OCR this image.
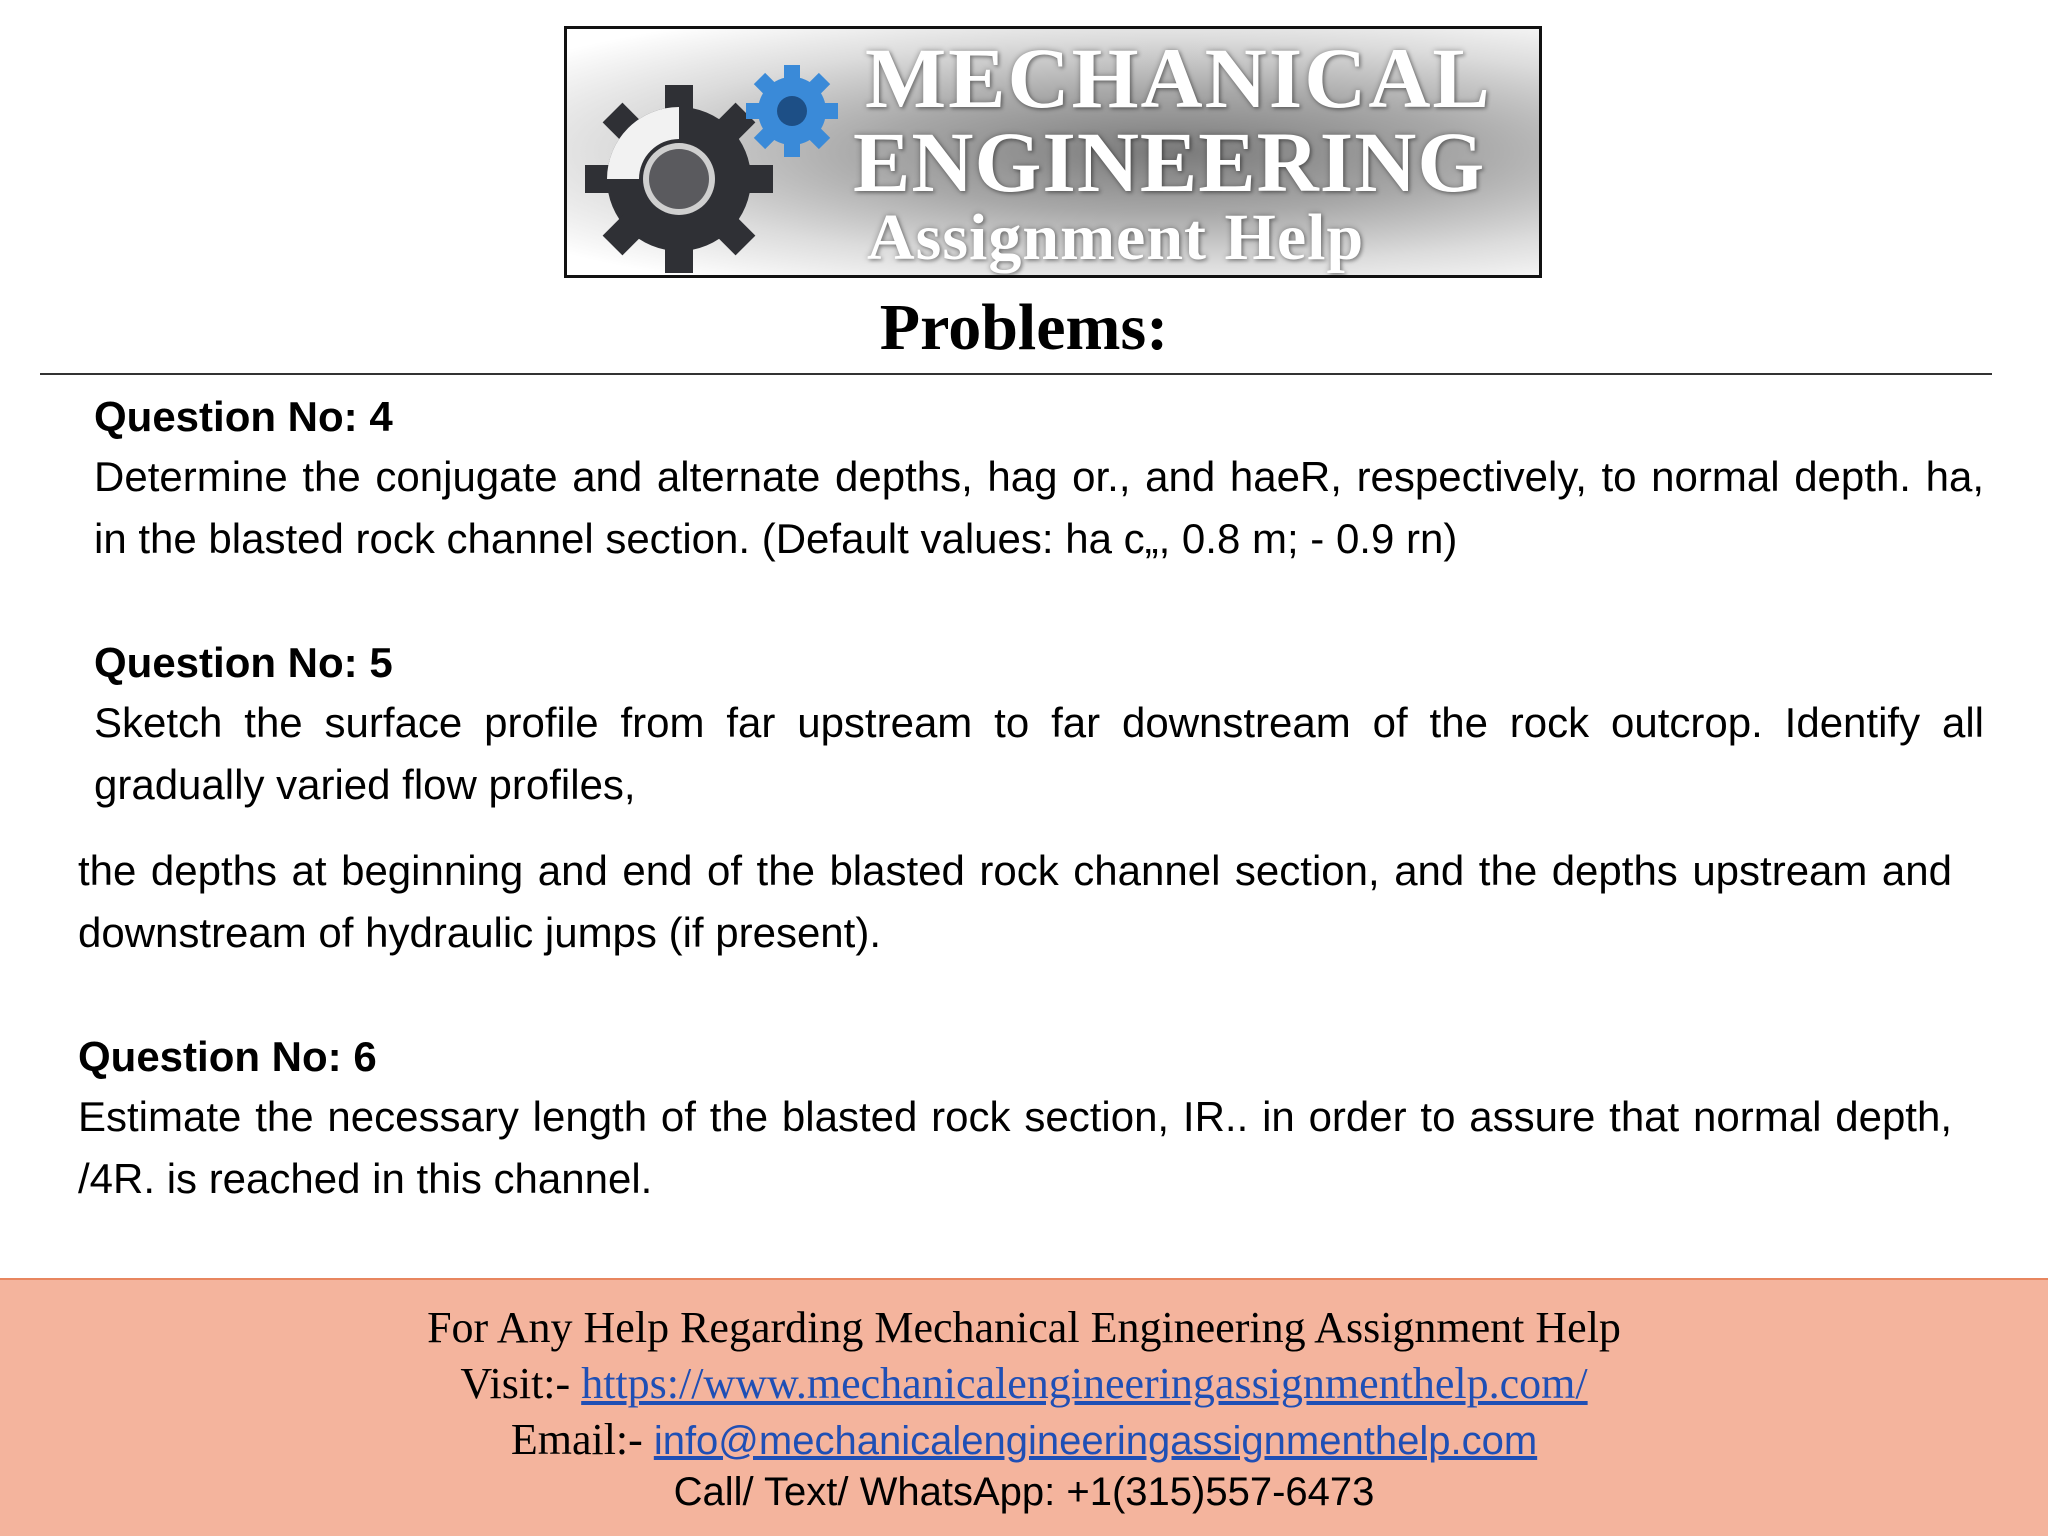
MECHANICAL
ENGINEERING
Assignment Help
Problems:

Question No: 4

Determine the conjugate and alternate depths, hag or., and haeR, respectively, to normal depth. ha, in the blasted rock channel section. (Default values: ha c„, 0.8 m; - 0.9 rn)

Question No: 5

Sketch the surface profile from far upstream to far downstream of the rock outcrop. Identify all gradually varied flow profiles,

the depths at beginning and end of the blasted rock channel section, and the depths upstream and downstream of hydraulic jumps (if present).

Question No: 6

Estimate the necessary length of the blasted rock section, IR.. in order to assure that normal depth, /4R. is reached in this channel.

For Any Help Regarding Mechanical Engineering Assignment Help

Visit:- https://www.mechanicalengineeringassignmenthelp.com/

Email:- info@mechanicalengineeringassignmenthelp.com

Call/ Text/ WhatsApp: +1(315)557-6473
